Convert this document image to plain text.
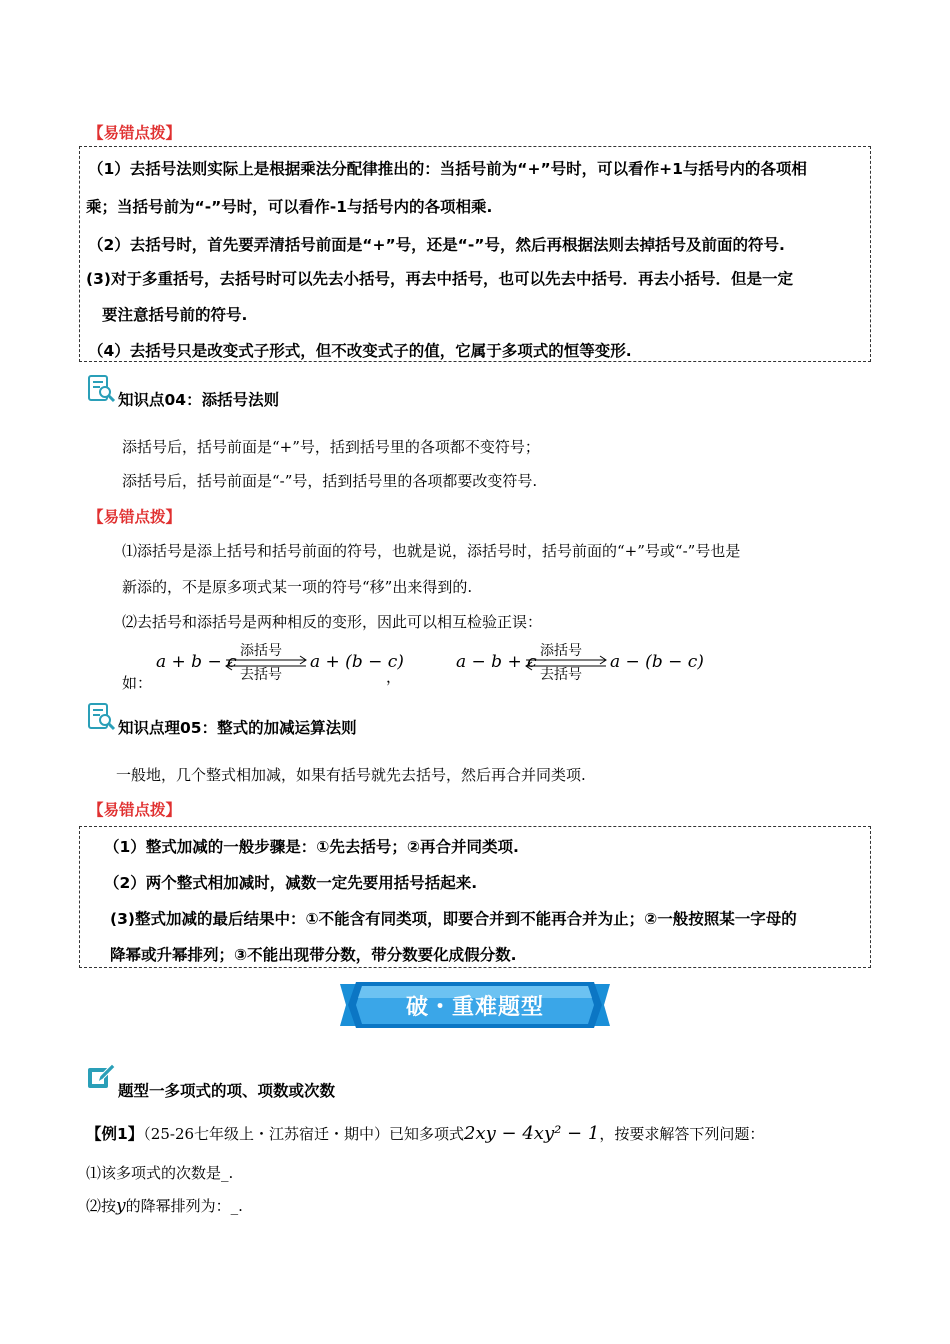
【易错点拨】
（1）去括号法则实际上是根据乘法分配律推出的：当括号前为“+”号时，可以看作+1与括号内的各项相
乘；当括号前为“-”号时，可以看作-1与括号内的各项相乘.
（2）去括号时，首先要弄清括号前面是“+”号，还是“-”号，然后再根据法则去掉括号及前面的符号.
(3)对于多重括号，去括号时可以先去小括号，再去中括号，也可以先去中括号．再去小括号．但是一定
要注意括号前的符号.
（4）去括号只是改变式子形式，但不改变式子的值，它属于多项式的恒等变形.
知识点04：添括号法则
添括号后，括号前面是“+”号，括到括号里的各项都不变符号；
添括号后，括号前面是“-”号，括到括号里的各项都要改变符号.
【易错点拨】
⑴添括号是添上括号和括号前面的符号，也就是说，添括号时，括号前面的“+”号或“-”号也是
新添的，不是原多项式某一项的符号“移”出来得到的.
⑵去括号和添括号是两种相反的变形，因此可以相互检验正误：
如：
a + b − c
添括号
去括号
a + (b − c)
，
a − b + c
添括号
去括号
a − (b − c)
知识点理05：整式的加减运算法则
一般地，几个整式相加减，如果有括号就先去括号，然后再合并同类项.
【易错点拨】
（1）整式加减的一般步骤是：①先去括号；②再合并同类项.
（2）两个整式相加减时，减数一定先要用括号括起来.
(3)整式加减的最后结果中：①不能含有同类项，即要合并到不能再合并为止；②一般按照某一字母的
降幂或升幂排列；③不能出现带分数，带分数要化成假分数.
破・重难题型
题型一多项式的项、项数或次数
【例1】（25-26七年级上・江苏宿迁・期中）已知多项式2xy − 4xy² − 1，按要求解答下列问题：
⑴该多项式的次数是_.
⑵按y的降幂排列为：_.
